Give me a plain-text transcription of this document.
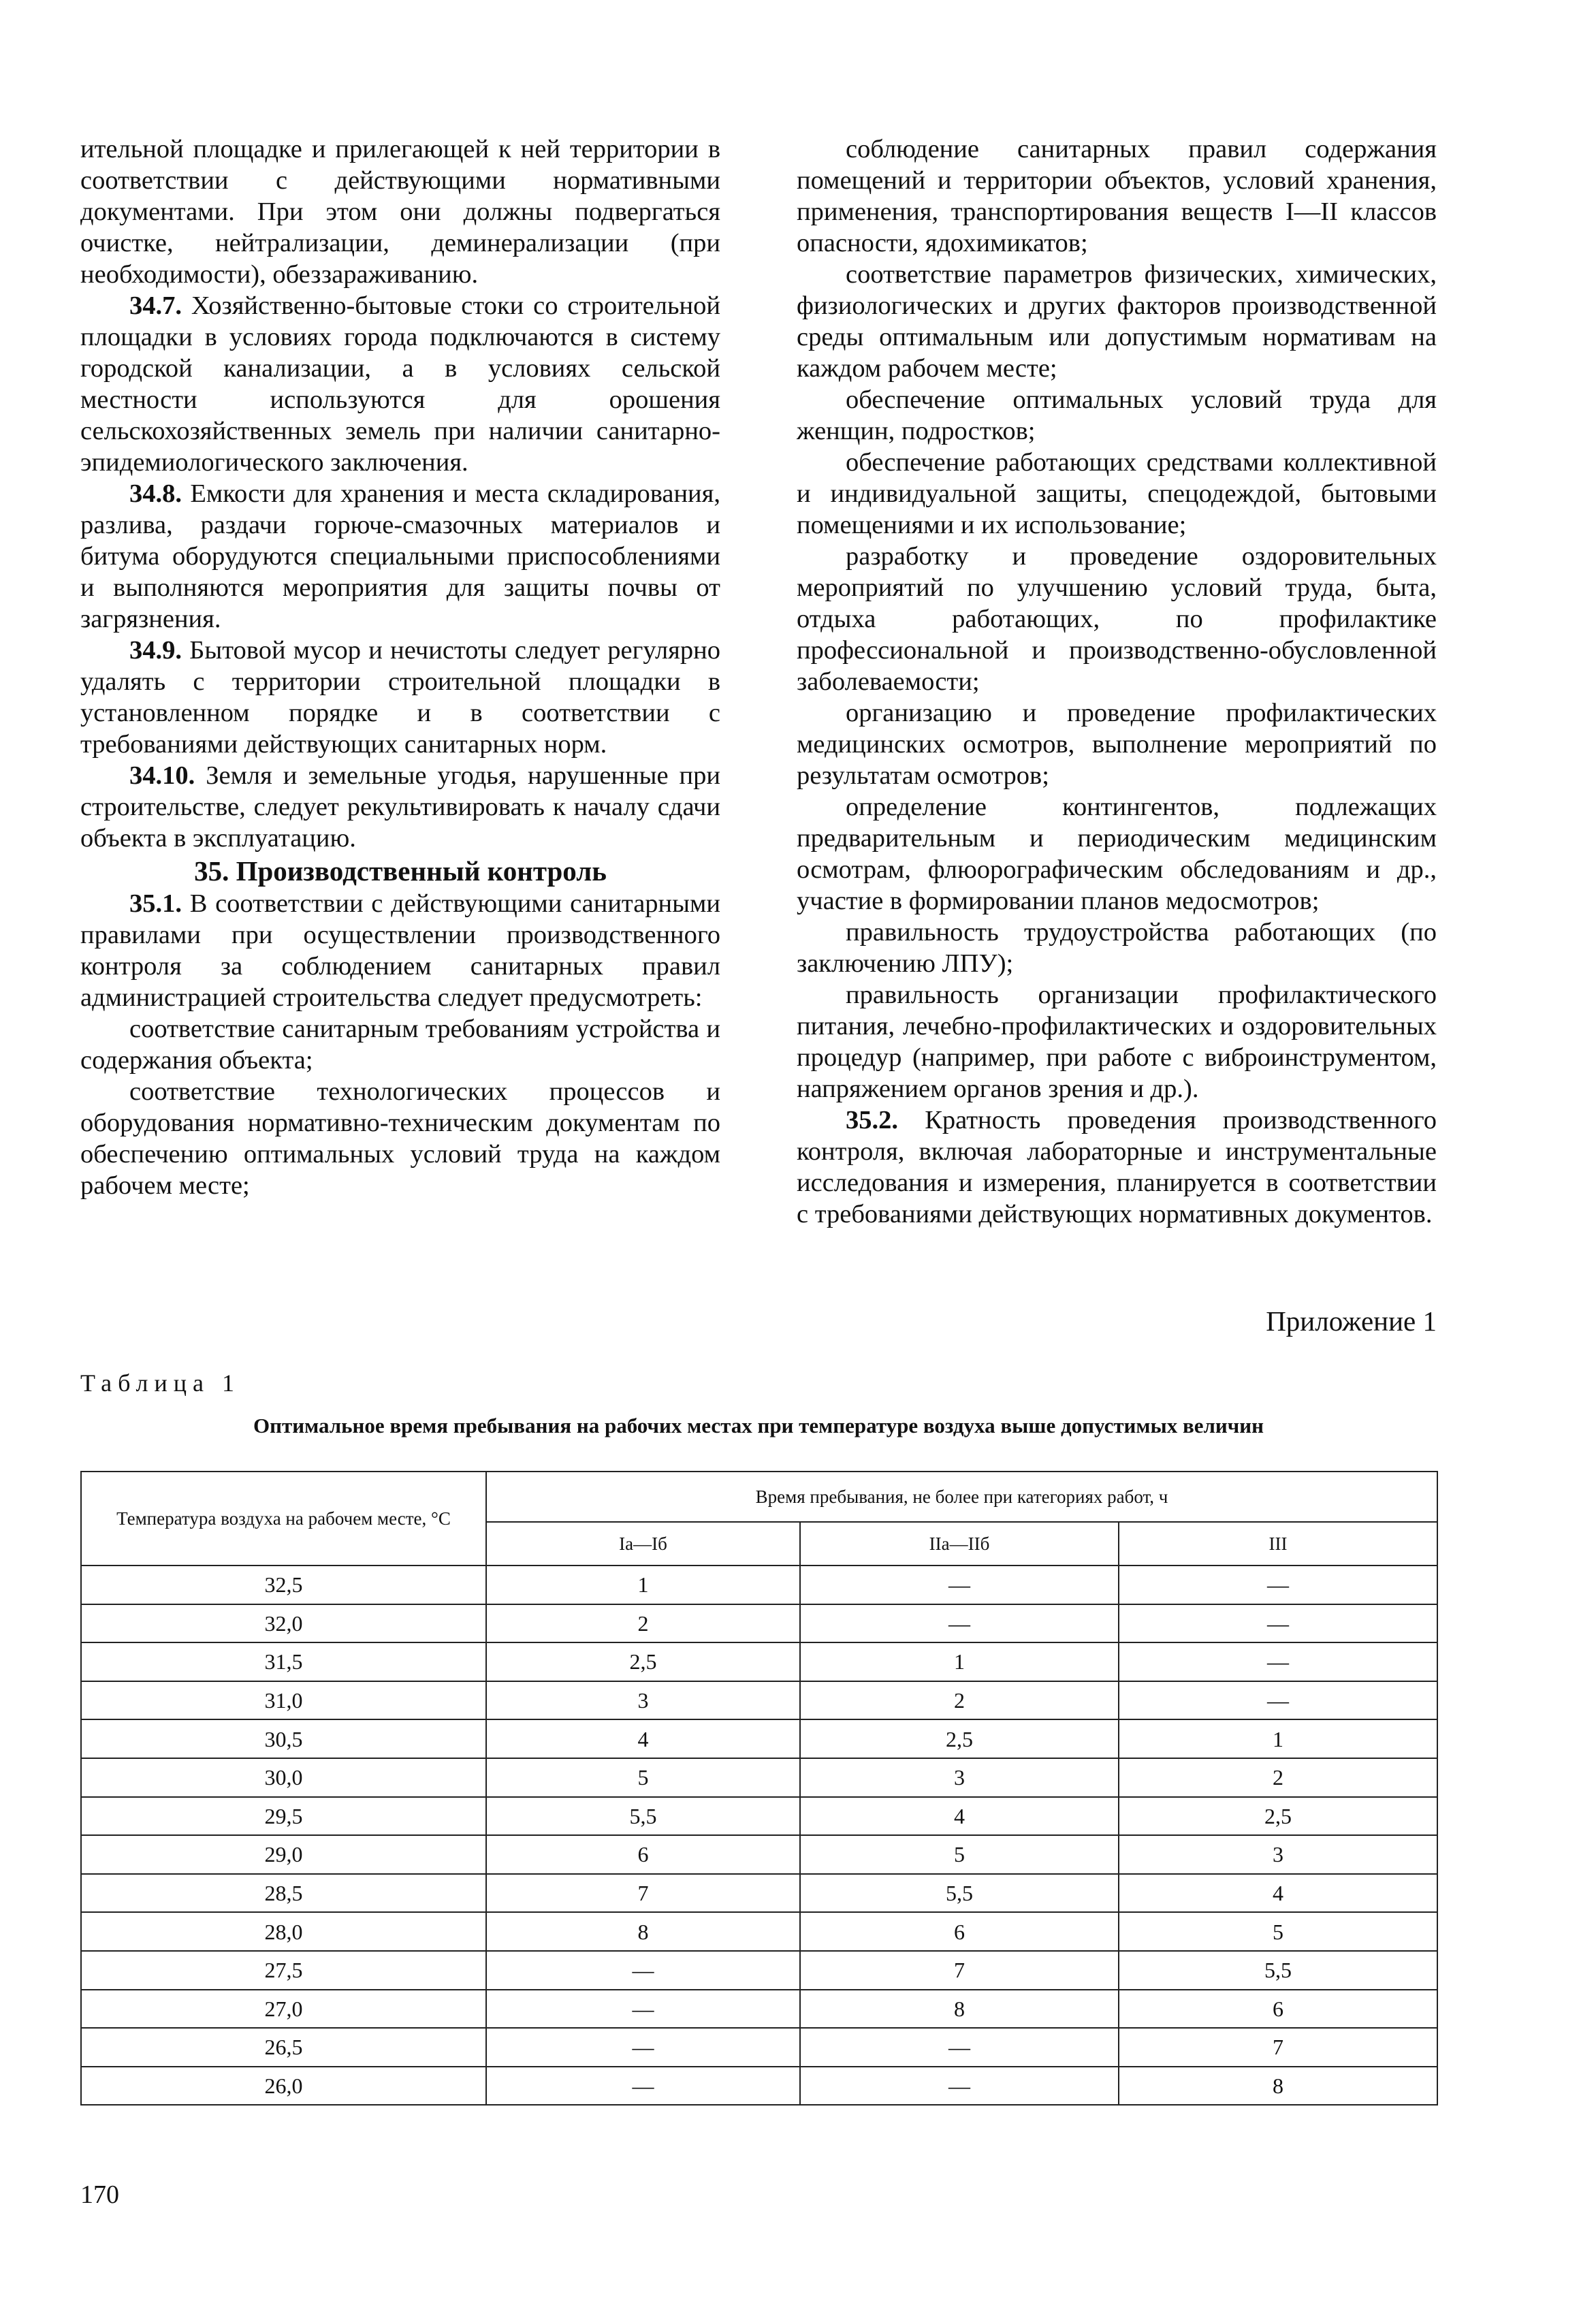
ительной площадке и прилегающей к ней территории в соответствии с действующими нормативными документами. При этом они должны подвергаться очистке, нейтрализации, деминерализации (при необходимости), обеззараживанию.

34.7. Хозяйственно-бытовые стоки со строительной площадки в условиях города подключаются в систему городской канализации, а в условиях сельской местности используются для орошения сельскохозяйственных земель при наличии санитарно-эпидемиологического заключения.

34.8. Емкости для хранения и места складирования, разлива, раздачи горюче-смазочных материалов и битума оборудуются специальными приспособлениями и выполняются мероприятия для защиты почвы от загрязнения.

34.9. Бытовой мусор и нечистоты следует регулярно удалять с территории строительной площадки в установленном порядке и в соответствии с требованиями действующих санитарных норм.

34.10. Земля и земельные угодья, нарушенные при строительстве, следует рекультивировать к началу сдачи объекта в эксплуатацию.

35. Производственный контроль

35.1. В соответствии с действующими санитарными правилами при осуществлении производственного контроля за соблюдением санитарных правил администрацией строительства следует предусмотреть:

соответствие санитарным требованиям устройства и содержания объекта;

соответствие технологических процессов и оборудования нормативно-техническим документам по обеспечению оптимальных условий труда на каждом рабочем месте;

соблюдение санитарных правил содержания помещений и территории объектов, условий хранения, применения, транспортирования веществ I—II классов опасности, ядохимикатов;

соответствие параметров физических, химических, физиологических и других факторов производственной среды оптимальным или допустимым нормативам на каждом рабочем месте;

обеспечение оптимальных условий труда для женщин, подростков;

обеспечение работающих средствами коллективной и индивидуальной защиты, спецодеждой, бытовыми помещениями и их использование;

разработку и проведение оздоровительных мероприятий по улучшению условий труда, быта, отдыха работающих, по профилактике профессиональной и производственно-обусловленной заболеваемости;

организацию и проведение профилактических медицинских осмотров, выполнение мероприятий по результатам осмотров;

определение контингентов, подлежащих предварительным и периодическим медицинским осмотрам, флюорографическим обследованиям и др., участие в формировании планов медосмотров;

правильность трудоустройства работающих (по заключению ЛПУ);

правильность организации профилактического питания, лечебно-профилактических и оздоровительных процедур (например, при работе с виброинструментом, напряжением органов зрения и др.).

35.2. Кратность проведения производственного контроля, включая лабораторные и инструментальные исследования и измерения, планируется в соответствии с требованиями действующих нормативных документов.

Приложение 1
Таблица 1
Оптимальное время пребывания на рабочих местах при температуре воздуха выше допустимых величин
Температура воздуха на рабочем месте, °С	Время пребывания, не более при категориях работ, ч		
	Iа—Iб	IIа—IIб	III
32,5	1	—	—
32,0	2	—	—
31,5	2,5	1	—
31,0	3	2	—
30,5	4	2,5	1
30,0	5	3	2
29,5	5,5	4	2,5
29,0	6	5	3
28,5	7	5,5	4
28,0	8	6	5
27,5	—	7	5,5
27,0	—	8	6
26,5	—	—	7
26,0	—	—	8
170
